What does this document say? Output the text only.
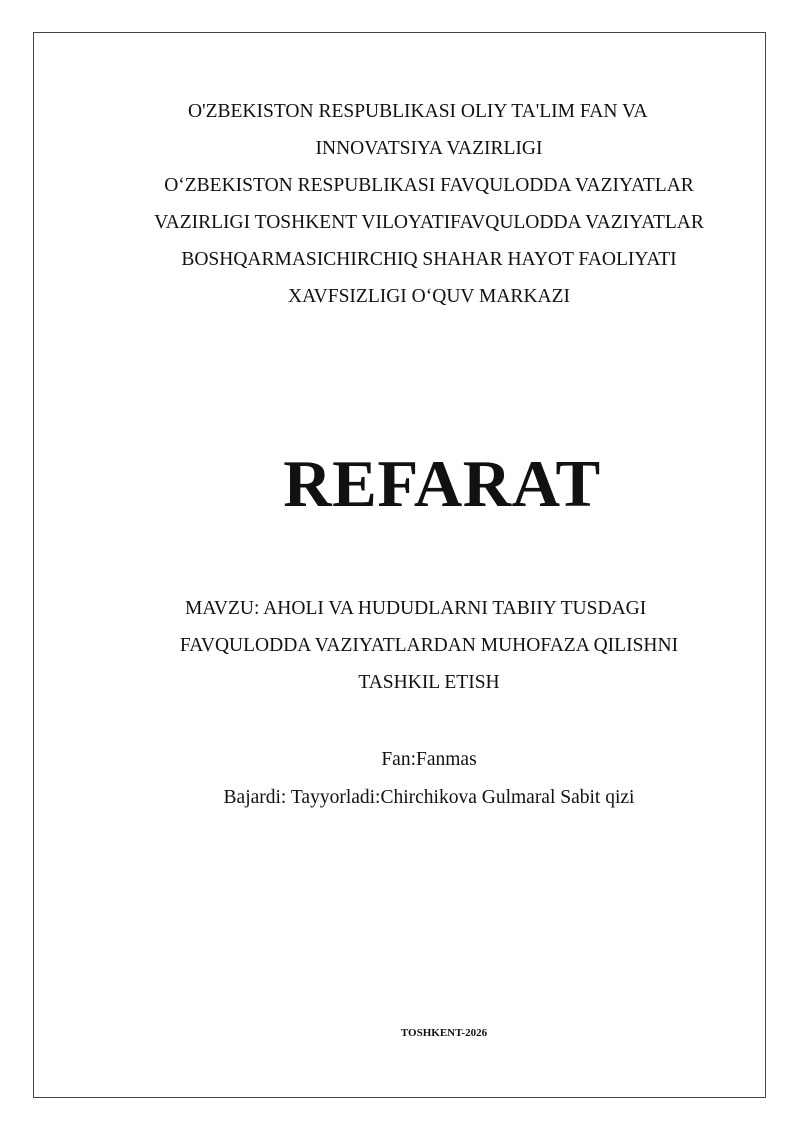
O'ZBEKISTON RESPUBLIKASI OLIY TA'LIM FAN VA
INNOVATSIYA VAZIRLIGI
O‘ZBEKISTON RESPUBLIKASI FAVQULODDA VAZIYATLAR
VAZIRLIGI TOSHKENT VILOYATIFAVQULODDA VAZIYATLAR
BOSHQARMASICHIRCHIQ SHAHAR HAYOT FAOLIYATI
XAVFSIZLIGI O‘QUV MARKAZI
REFARAT
MAVZU: AHOLI VA HUDUDLARNI TABIIY TUSDAGI
FAVQULODDA VAZIYATLARDAN MUHOFAZA QILISHNI
TASHKIL ETISH
Fan:Fanmas
Bajardi: Tayyorladi:Chirchikova Gulmaral Sabit qizi
TOSHKENT-2026
